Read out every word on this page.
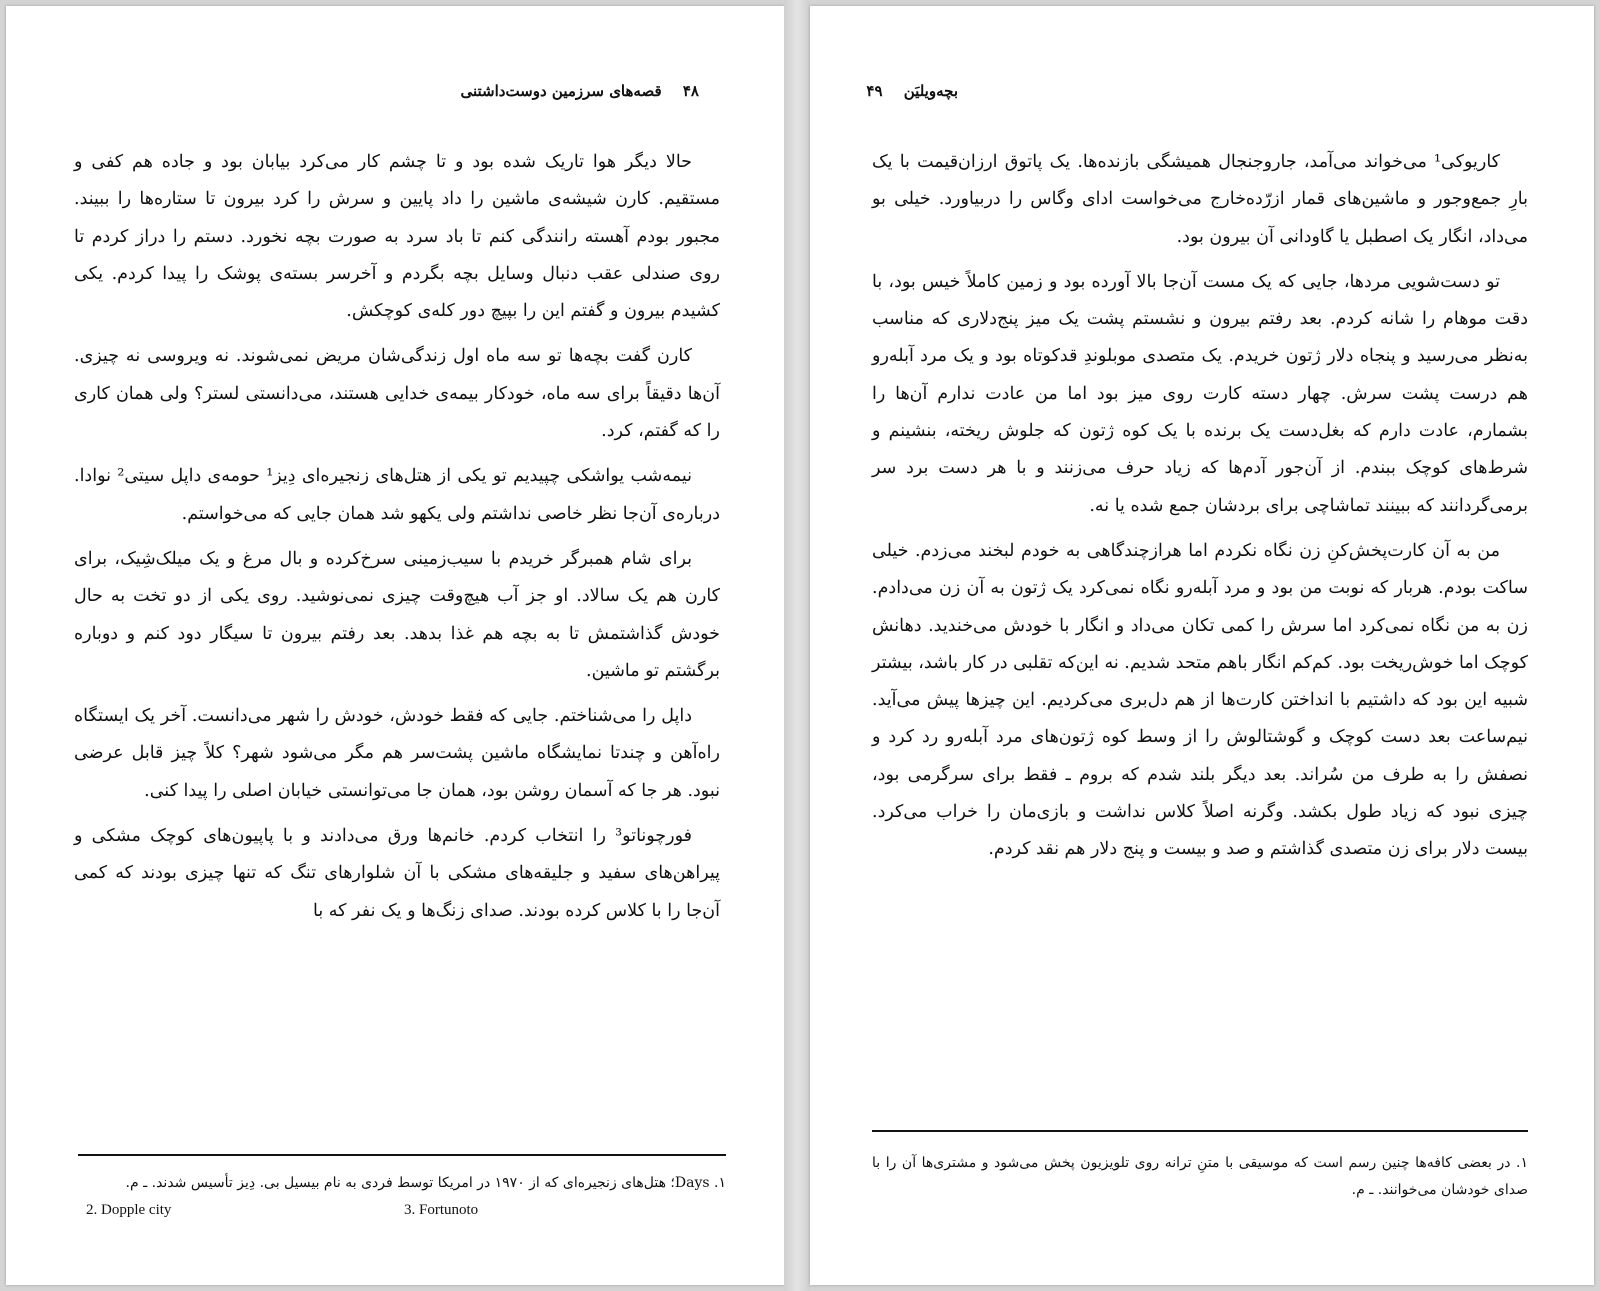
۴۸ قصه‌های سرزمین دوست‌داشتنی

حالا دیگر هوا تاریک شده بود و تا چشم کار می‌کرد بیابان بود و جاده هم کفی و مستقیم. کارن شیشه‌ی ماشین را داد پایین و سرش را کرد بیرون تا ستاره‌ها را ببیند. مجبور بودم آهسته رانندگی کنم تا باد سرد به صورت بچه نخورد. دستم را دراز کردم تا روی صندلی عقب دنبال وسایل بچه بگردم و آخرسر بسته‌ی پوشک را پیدا کردم. یکی کشیدم بیرون و گفتم این را بپیچ دور کله‌ی کوچکش.

کارن گفت بچه‌ها تو سه ماه اول زندگی‌شان مریض نمی‌شوند. نه ویروسی نه چیزی. آن‌ها دقیقاً برای سه ماه، خودکار بیمه‌ی خدایی هستند، می‌دانستی لستر؟ ولی همان کاری را که گفتم، کرد.

نیمه‌شب یواشکی چپیدیم تو یکی از هتل‌های زنجیره‌ای دِیز¹ حومه‌ی داپل سیتی² نوادا. درباره‌ی آن‌جا نظر خاصی نداشتم ولی یکهو شد همان جایی که می‌خواستم.

برای شام همبرگر خریدم با سیب‌زمینی سرخ‌کرده و بال مرغ و یک میلک‌شِیک، برای کارن هم یک سالاد. او جز آب هیچ‌وقت چیزی نمی‌نوشید. روی یکی از دو تخت به حال خودش گذاشتمش تا به بچه هم غذا بدهد. بعد رفتم بیرون تا سیگار دود کنم و دوباره برگشتم تو ماشین.

داپل را می‌شناختم. جایی که فقط خودش، خودش را شهر می‌دانست. آخر یک ایستگاه راه‌آهن و چندتا نمایشگاه ماشین پشت‌سر هم مگر می‌شود شهر؟ کلاً چیز قابل عرضی نبود. هر جا که آسمان روشن بود، همان جا می‌توانستی خیابان اصلی را پیدا کنی.

فورچوناتو³ را انتخاب کردم. خانم‌ها ورق می‌دادند و با پاپیون‌های کوچک مشکی و پیراهن‌های سفید و جلیقه‌های مشکی با آن شلوارهای تنگ که تنها چیزی بودند که کمی آن‌جا را با کلاس کرده بودند. صدای زنگ‌ها و یک نفر که با

۱. Days؛ هتل‌های زنجیره‌ای که از ۱۹۷۰ در امریکا توسط فردی به نام بیسیل بی. دِیز تأسیس شدند. ـ م.
2. Dopple city	3. Fortunoto
بچه‌ویلیَن ۴۹

کاریوکی¹ می‌خواند می‌آمد، جاروجنجال همیشگی بازنده‌ها. یک پاتوق ارزان‌قیمت با یک بارِ جمع‌وجور و ماشین‌های قمار ازرّده‌خارج می‌خواست ادای وگاس را دربیاورد. خیلی بو می‌داد، انگار یک اصطبل یا گاودانی آن بیرون بود.

تو دست‌شویی مردها، جایی که یک مست آن‌جا بالا آورده بود و زمین کاملاً خیس بود، با دقت موهام را شانه کردم. بعد رفتم بیرون و نشستم پشت یک میز پنج‌دلاری که مناسب به‌نظر می‌رسید و پنجاه دلار ژتون خریدم. یک متصدی موبلوندِ قدکوتاه بود و یک مرد آبله‌رو هم درست پشت سرش. چهار دسته کارت روی میز بود اما من عادت ندارم آن‌ها را بشمارم، عادت دارم که بغل‌دست یک برنده با یک کوه ژتون که جلوش ریخته، بنشینم و شرط‌های کوچک ببندم. از آن‌جور آدم‌ها که زیاد حرف می‌زنند و با هر دست برد سر برمی‌گردانند که ببینند تماشاچی برای بردشان جمع شده یا نه.

من به آن کارت‌پخش‌کنِ زن نگاه نکردم اما هرازچندگاهی به خودم لبخند می‌زدم. خیلی ساکت بودم. هربار که نوبت من بود و مرد آبله‌رو نگاه نمی‌کرد یک ژتون به آن زن می‌دادم. زن به من نگاه نمی‌کرد اما سرش را کمی تکان می‌داد و انگار با خودش می‌خندید. دهانش کوچک اما خوش‌ریخت بود. کم‌کم انگار باهم متحد شدیم. نه این‌که تقلبی در کار باشد، بیشتر شبیه این بود که داشتیم با انداختن کارت‌ها از هم دل‌بری می‌کردیم. این چیزها پیش می‌آید. نیم‌ساعت بعد دست کوچک و گوشتالوش را از وسط کوه ژتون‌های مرد آبله‌رو رد کرد و نصفش را به طرف من سُراند. بعد دیگر بلند شدم که بروم ـ فقط برای سرگرمی بود، چیزی نبود که زیاد طول بکشد. وگرنه اصلاً کلاس نداشت و بازی‌مان را خراب می‌کرد. بیست دلار برای زن متصدی گذاشتم و صد و بیست و پنج دلار هم نقد کردم.

۱. در بعضی کافه‌ها چنین رسم است که موسیقی با متنِ ترانه روی تلویزیون پخش می‌شود و مشتری‌ها آن را با صدای خودشان می‌خوانند. ـ م.
